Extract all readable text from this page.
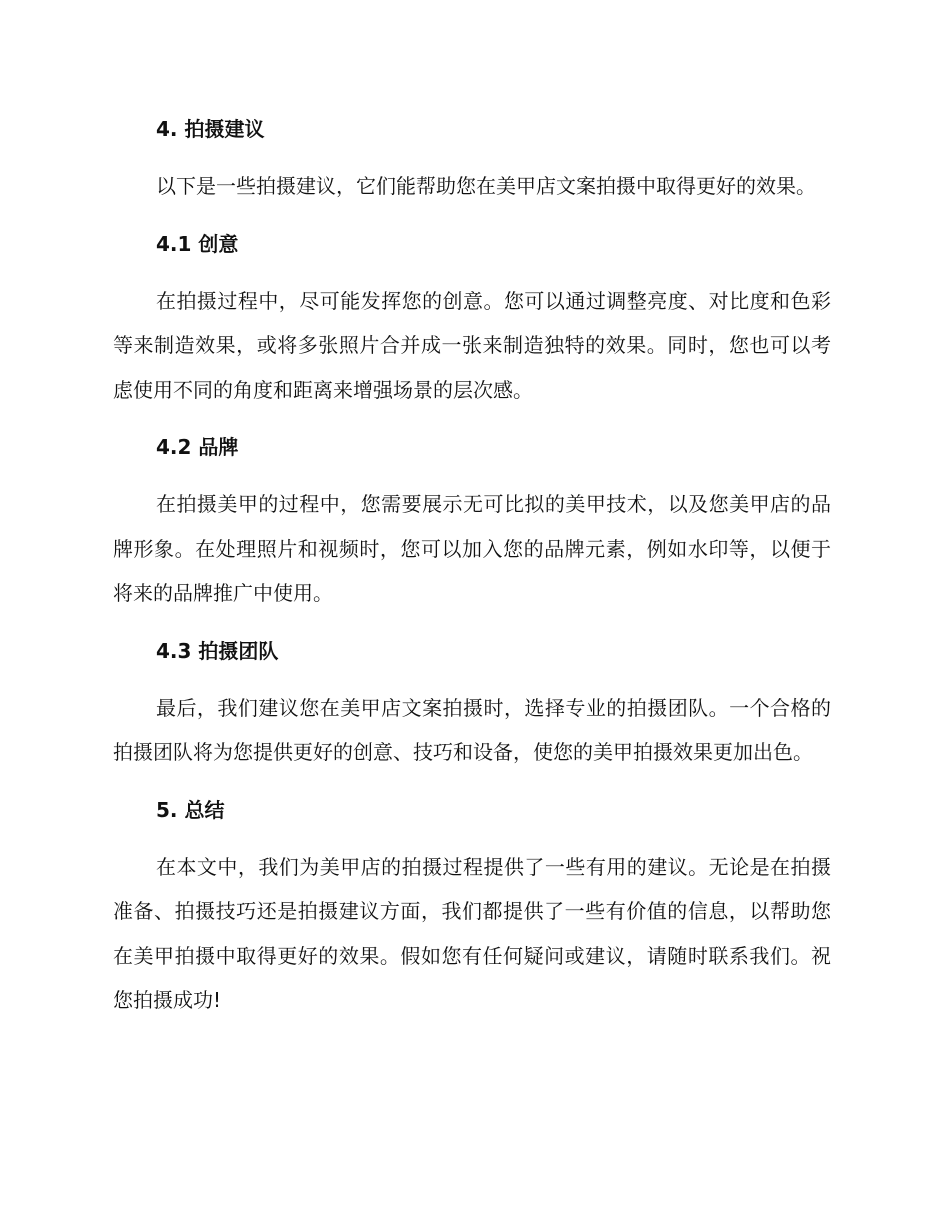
4. 拍摄建议

以下是一些拍摄建议，它们能帮助您在美甲店文案拍摄中取得更好的效果。

4.1 创意

在拍摄过程中，尽可能发挥您的创意。您可以通过调整亮度、对比度和色彩等来制造效果，或将多张照片合并成一张来制造独特的效果。同时，您也可以考虑使用不同的角度和距离来增强场景的层次感。

4.2 品牌

在拍摄美甲的过程中，您需要展示无可比拟的美甲技术，以及您美甲店的品牌形象。在处理照片和视频时，您可以加入您的品牌元素，例如水印等，以便于将来的品牌推广中使用。

4.3 拍摄团队

最后，我们建议您在美甲店文案拍摄时，选择专业的拍摄团队。一个合格的拍摄团队将为您提供更好的创意、技巧和设备，使您的美甲拍摄效果更加出色。

5. 总结

在本文中，我们为美甲店的拍摄过程提供了一些有用的建议。无论是在拍摄准备、拍摄技巧还是拍摄建议方面，我们都提供了一些有价值的信息，以帮助您在美甲拍摄中取得更好的效果。假如您有任何疑问或建议，请随时联系我们。祝您拍摄成功!
